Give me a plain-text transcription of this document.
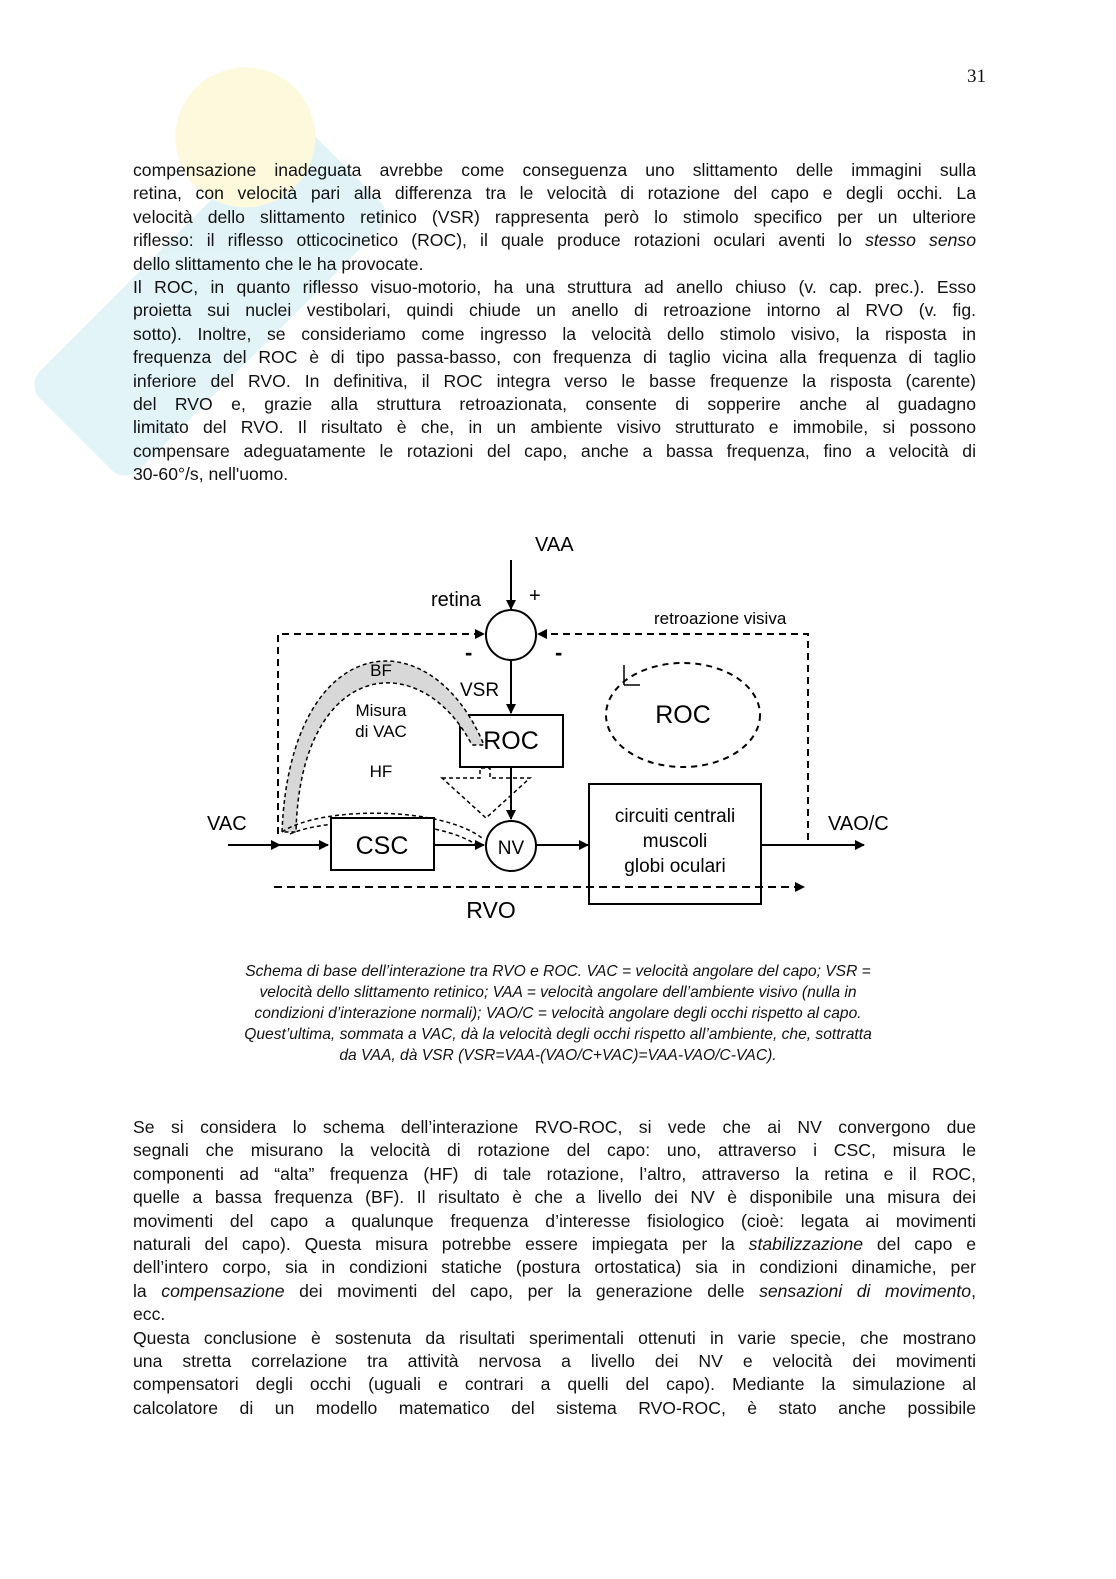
31
compensazione inadeguata avrebbe come conseguenza uno slittamento delle immagini sulla
retina, con velocità pari alla differenza tra le velocità di rotazione del capo e degli occhi. La
velocità dello slittamento retinico (VSR) rappresenta però lo stimolo specifico per un ulteriore
riflesso: il riflesso otticocinetico (ROC), il quale produce rotazioni oculari aventi lo stesso senso
dello slittamento che le ha provocate.
Il ROC, in quanto riflesso visuo-motorio, ha una struttura ad anello chiuso (v. cap. prec.). Esso
proietta sui nuclei vestibolari, quindi chiude un anello di retroazione intorno al RVO (v. fig.
sotto). Inoltre, se consideriamo come ingresso la velocità dello stimolo visivo, la risposta in
frequenza del ROC è di tipo passa-basso, con frequenza di taglio vicina alla frequenza di taglio
inferiore del RVO. In definitiva, il ROC integra verso le basse frequenze la risposta (carente)
del RVO e, grazie alla struttura retroazionata, consente di sopperire anche al guadagno
limitato del RVO. Il risultato è che, in un ambiente visivo strutturato e immobile, si possono
compensare adeguatamente le rotazioni del capo, anche a bassa frequenza, fino a velocità di
30-60°/s, nell'uomo.
VAA
retina +
-	-
retroazione visiva
VSR
ROC
ROC
BF
Misura
di VAC
HF
VAC
CSC	NV
circuiti centrali
muscoli
globi oculari
VAO/C
RVO
Schema di base dell’interazione tra RVO e ROC. VAC = velocità angolare del capo; VSR =
velocità dello slittamento retinico; VAA = velocità angolare dell’ambiente visivo (nulla in
condizioni d’interazione normali); VAO/C = velocità angolare degli occhi rispetto al capo.
Quest’ultima, sommata a VAC, dà la velocità degli occhi rispetto all’ambiente, che, sottratta
da VAA, dà VSR (VSR=VAA-(VAO/C+VAC)=VAA-VAO/C-VAC).
Se si considera lo schema dell’interazione RVO-ROC, si vede che ai NV convergono due
segnali che misurano la velocità di rotazione del capo: uno, attraverso i CSC, misura le
componenti ad “alta” frequenza (HF) di tale rotazione, l’altro, attraverso la retina e il ROC,
quelle a bassa frequenza (BF). Il risultato è che a livello dei NV è disponibile una misura dei
movimenti del capo a qualunque frequenza d’interesse fisiologico (cioè: legata ai movimenti
naturali del capo). Questa misura potrebbe essere impiegata per la stabilizzazione del capo e
dell’intero corpo, sia in condizioni statiche (postura ortostatica) sia in condizioni dinamiche, per
la compensazione dei movimenti del capo, per la generazione delle sensazioni di movimento,
ecc.
Questa conclusione è sostenuta da risultati sperimentali ottenuti in varie specie, che mostrano
una stretta correlazione tra attività nervosa a livello dei NV e velocità dei movimenti
compensatori degli occhi (uguali e contrari a quelli del capo). Mediante la simulazione al
calcolatore di un modello matematico del sistema RVO-ROC, è stato anche possibile
